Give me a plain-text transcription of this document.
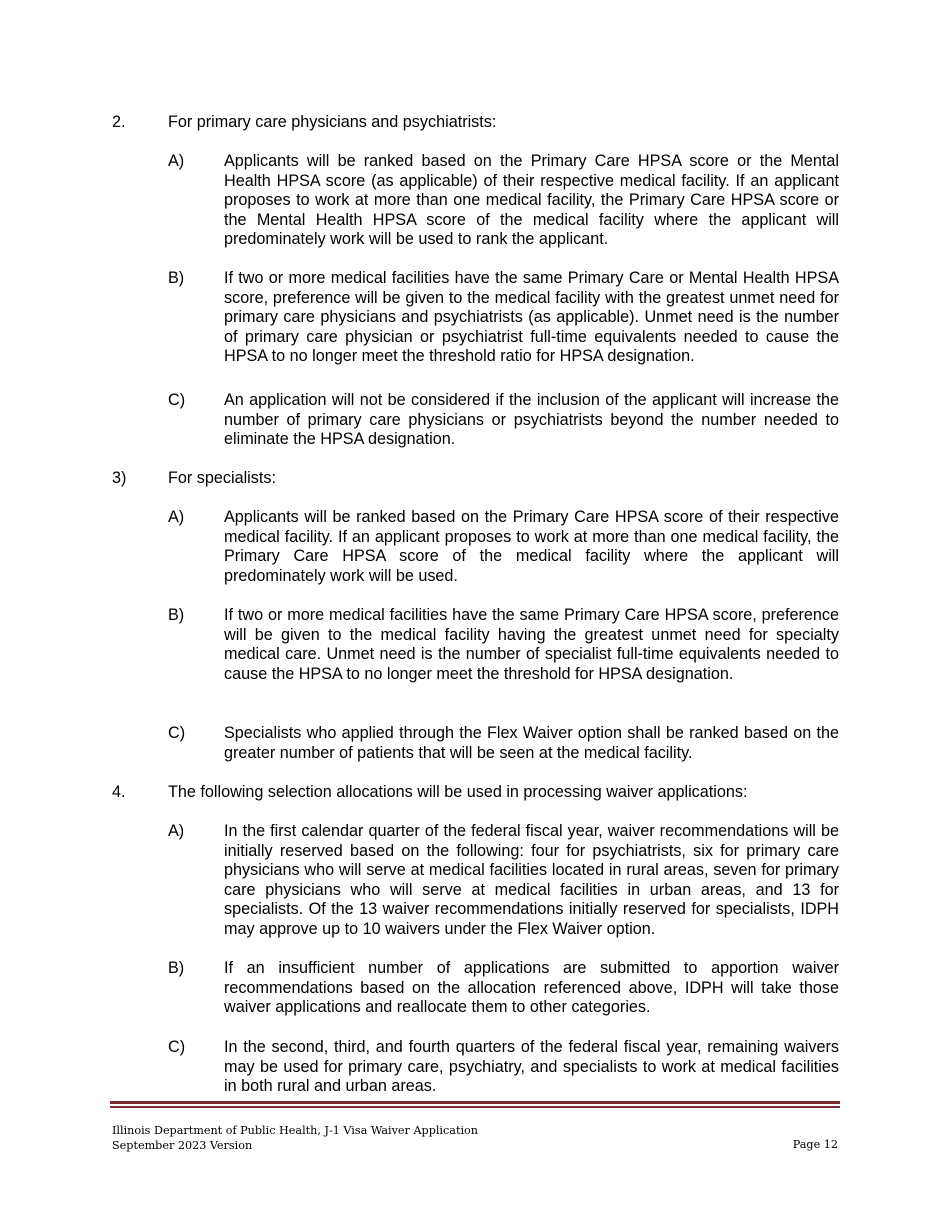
2.	For primary care physicians and psychiatrists:
A) Applicants will be ranked based on the Primary Care HPSA score or the Mental Health HPSA score (as applicable) of their respective medical facility. If an applicant proposes to work at more than one medical facility, the Primary Care HPSA score or the Mental Health HPSA score of the medical facility where the applicant will predominately work will be used to rank the applicant.
B) If two or more medical facilities have the same Primary Care or Mental Health HPSA score, preference will be given to the medical facility with the greatest unmet need for primary care physicians and psychiatrists (as applicable). Unmet need is the number of primary care physician or psychiatrist full-time equivalents needed to cause the HPSA to no longer meet the threshold ratio for HPSA designation.
C) An application will not be considered if the inclusion of the applicant will increase the number of primary care physicians or psychiatrists beyond the number needed to eliminate the HPSA designation.
3)	For specialists:
A) Applicants will be ranked based on the Primary Care HPSA score of their respective medical facility. If an applicant proposes to work at more than one medical facility, the Primary Care HPSA score of the medical facility where the applicant will predominately work will be used.
B) If two or more medical facilities have the same Primary Care HPSA score, preference will be given to the medical facility having the greatest unmet need for specialty medical care. Unmet need is the number of specialist full-time equivalents needed to cause the HPSA to no longer meet the threshold for HPSA designation.
C) Specialists who applied through the Flex Waiver option shall be ranked based on the greater number of patients that will be seen at the medical facility.
4.	The following selection allocations will be used in processing waiver applications:
A) In the first calendar quarter of the federal fiscal year, waiver recommendations will be initially reserved based on the following: four for psychiatrists, six for primary care physicians who will serve at medical facilities located in rural areas, seven for primary care physicians who will serve at medical facilities in urban areas, and 13 for specialists. Of the 13 waiver recommendations initially reserved for specialists, IDPH may approve up to 10 waivers under the Flex Waiver option.
B) If an insufficient number of applications are submitted to apportion waiver recommendations based on the allocation referenced above, IDPH will take those waiver applications and reallocate them to other categories.
C) In the second, third, and fourth quarters of the federal fiscal year, remaining waivers may be used for primary care, psychiatry, and specialists to work at medical facilities in both rural and urban areas.
Illinois Department of Public Health, J-1 Visa Waiver Application
September 2023 Version	Page 12
